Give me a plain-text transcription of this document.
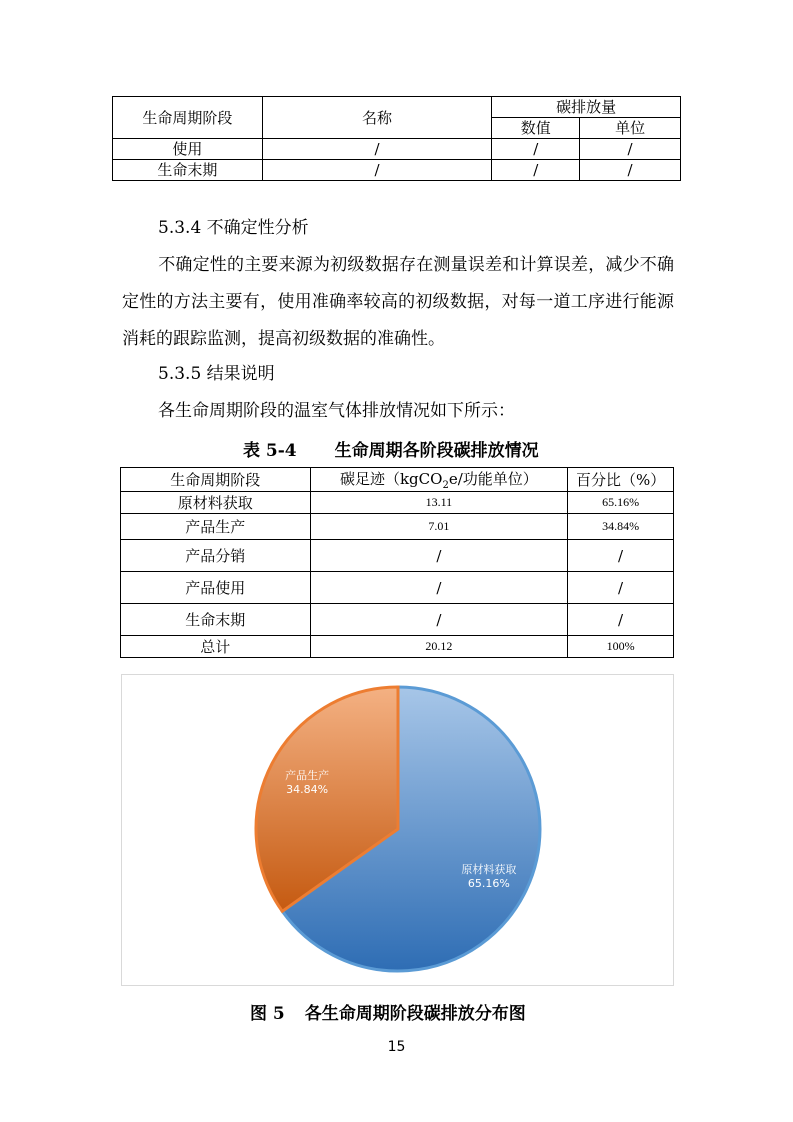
生命周期阶段	名称	碳排放量	
		数值	单位
使用	/	/	/
生命末期	/	/	/
5.3.4 不确定性分析
不确定性的主要来源为初级数据存在测量误差和计算误差，减少不确定性的方法主要有，使用准确率较高的初级数据，对每一道工序进行能源消耗的跟踪监测，提高初级数据的准确性。
5.3.5 结果说明
各生命周期阶段的温室气体排放情况如下所示：
表 5-4 生命周期各阶段碳排放情况
生命周期阶段	碳足迹（kgCO$_2$e/功能单位）	百分比（%）
原材料获取	13.11	65.16%
产品生产	7.01	34.84%
产品分销	/	/
产品使用	/	/
生命末期	/	/
总计	20.12	100%
原材料获取
65.16%
产品生产
34.84%
图 5 各生命周期阶段碳排放分布图
15
